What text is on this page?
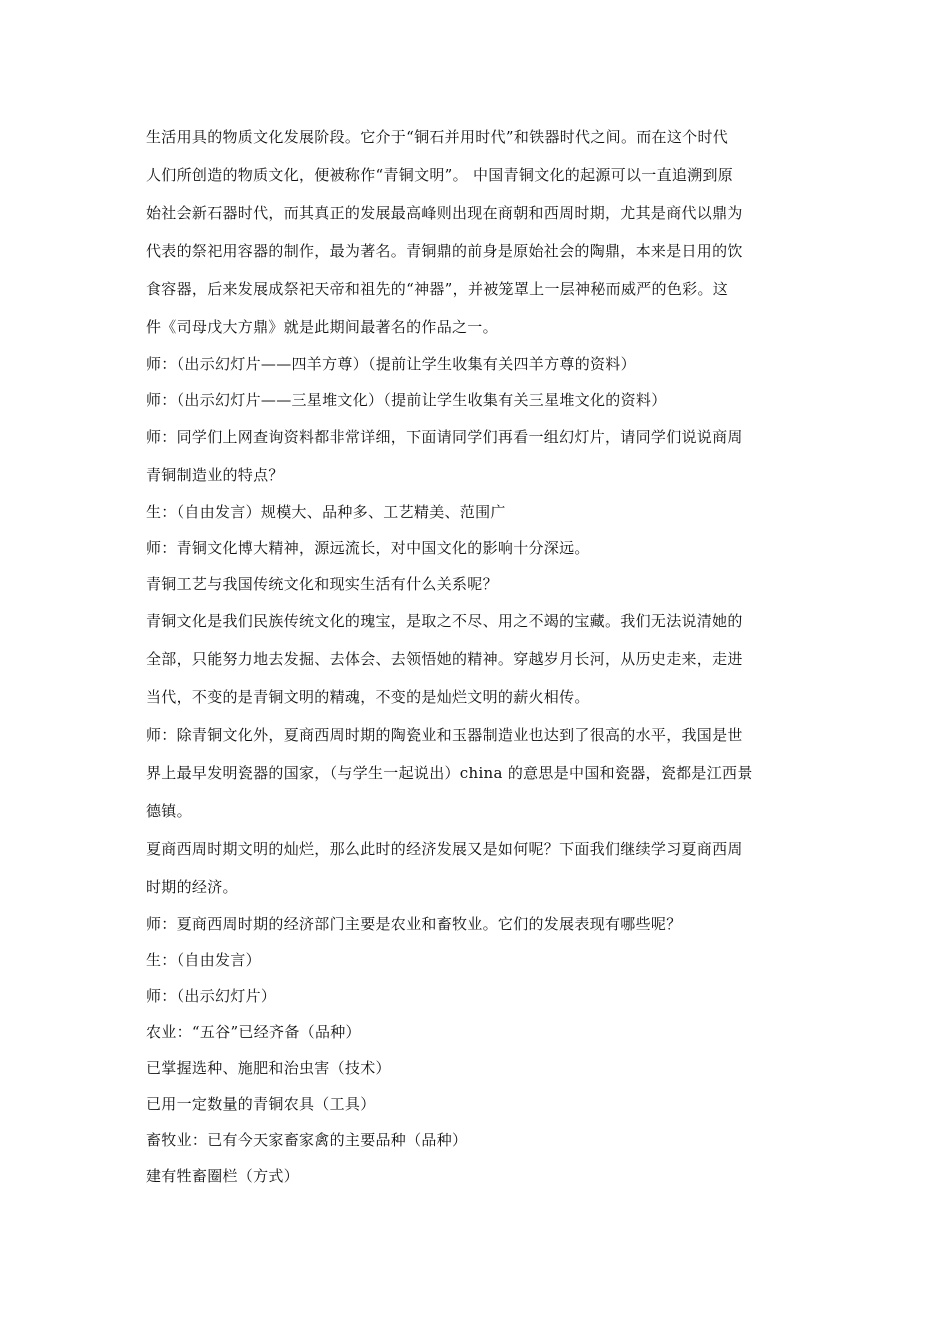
生活用具的物质文化发展阶段。它介于“铜石并用时代”和铁器时代之间。而在这个时代
人们所创造的物质文化，便被称作“青铜文明”。 中国青铜文化的起源可以一直追溯到原
始社会新石器时代，而其真正的发展最高峰则出现在商朝和西周时期，尤其是商代以鼎为
代表的祭祀用容器的制作，最为著名。青铜鼎的前身是原始社会的陶鼎，本来是日用的饮
食容器，后来发展成祭祀天帝和祖先的“神器”，并被笼罩上一层神秘而威严的色彩。这
件《司母戊大方鼎》就是此期间最著名的作品之一。

师：（出示幻灯片——四羊方尊）（提前让学生收集有关四羊方尊的资料）

师：（出示幻灯片——三星堆文化）（提前让学生收集有关三星堆文化的资料）

师：同学们上网查询资料都非常详细，下面请同学们再看一组幻灯片，请同学们说说商周
青铜制造业的特点？

生：（自由发言）规模大、品种多、工艺精美、范围广

师：青铜文化博大精神，源远流长，对中国文化的影响十分深远。

青铜工艺与我国传统文化和现实生活有什么关系呢？

青铜文化是我们民族传统文化的瑰宝，是取之不尽、用之不竭的宝藏。我们无法说清她的
全部，只能努力地去发掘、去体会、去领悟她的精神。穿越岁月长河，从历史走来，走进
当代，不变的是青铜文明的精魂，不变的是灿烂文明的薪火相传。

师：除青铜文化外，夏商西周时期的陶瓷业和玉器制造业也达到了很高的水平，我国是世
界上最早发明瓷器的国家，（与学生一起说出）china 的意思是中国和瓷器，瓷都是江西景
德镇。

夏商西周时期文明的灿烂，那么此时的经济发展又是如何呢？下面我们继续学习夏商西周
时期的经济。

师：夏商西周时期的经济部门主要是农业和畜牧业。它们的发展表现有哪些呢？

生：（自由发言）

师：（出示幻灯片）

农业：“五谷”已经齐备（品种）

已掌握选种、施肥和治虫害（技术）

已用一定数量的青铜农具（工具）

畜牧业：已有今天家畜家禽的主要品种（品种）

建有牲畜圈栏（方式）
